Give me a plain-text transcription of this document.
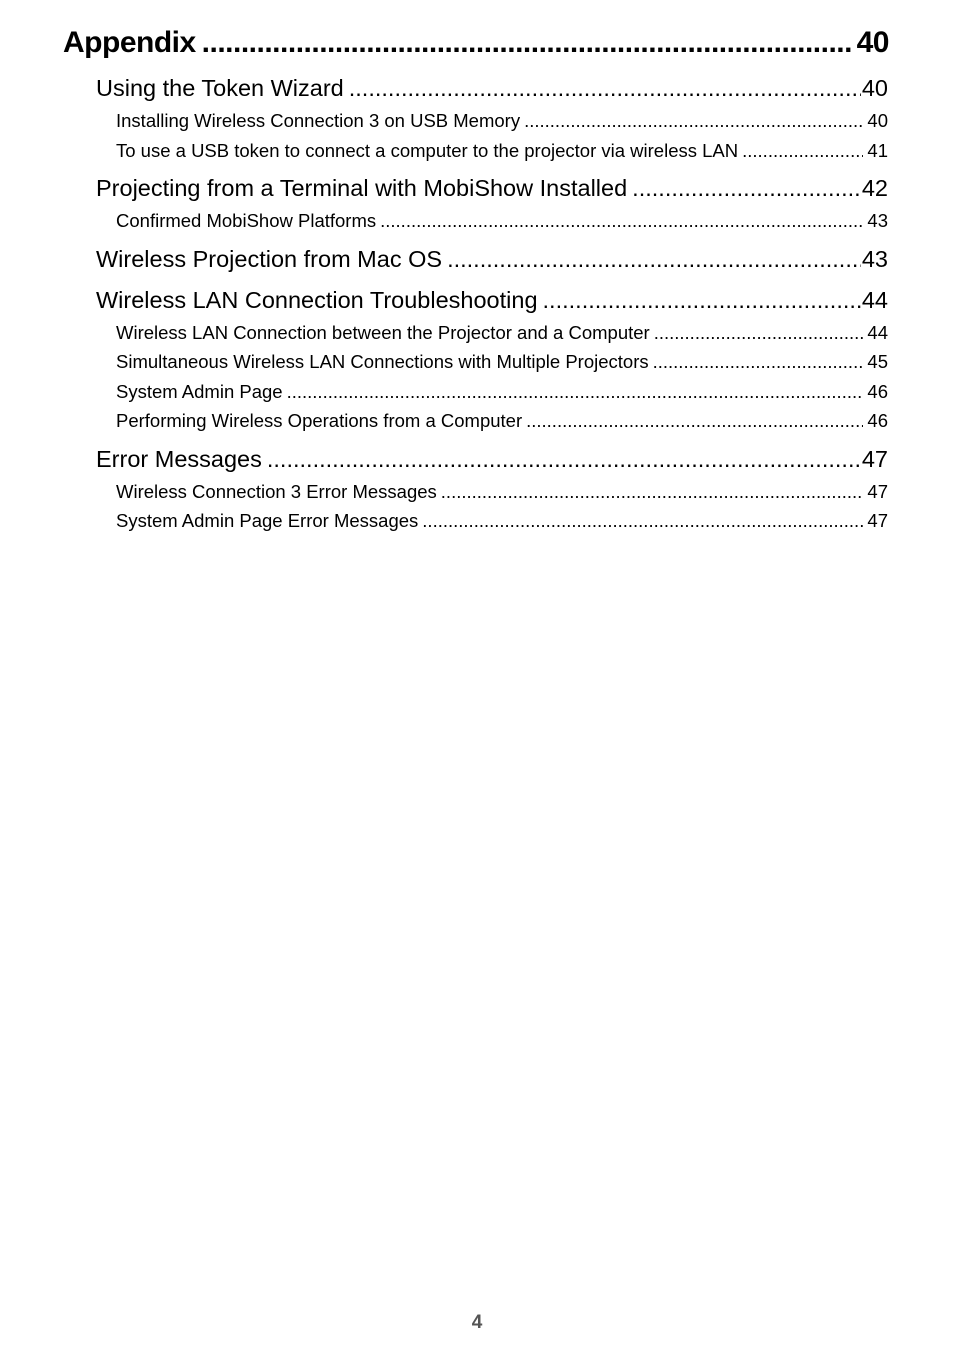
Appendix .....	40
Using the Token Wizard .....	40
Installing Wireless Connection 3 on USB Memory .....	40
To use a USB token to connect a computer to the projector via wireless LAN .....	41
Projecting from a Terminal with MobiShow Installed .....	42
Confirmed MobiShow Platforms .....	43
Wireless Projection from Mac OS .....	43
Wireless LAN Connection Troubleshooting .....	44
Wireless LAN Connection between the Projector and a Computer .....	44
Simultaneous Wireless LAN Connections with Multiple Projectors .....	45
System Admin Page .....	46
Performing Wireless Operations from a Computer .....	46
Error Messages .....	47
Wireless Connection 3 Error Messages .....	47
System Admin Page Error Messages .....	47
4
